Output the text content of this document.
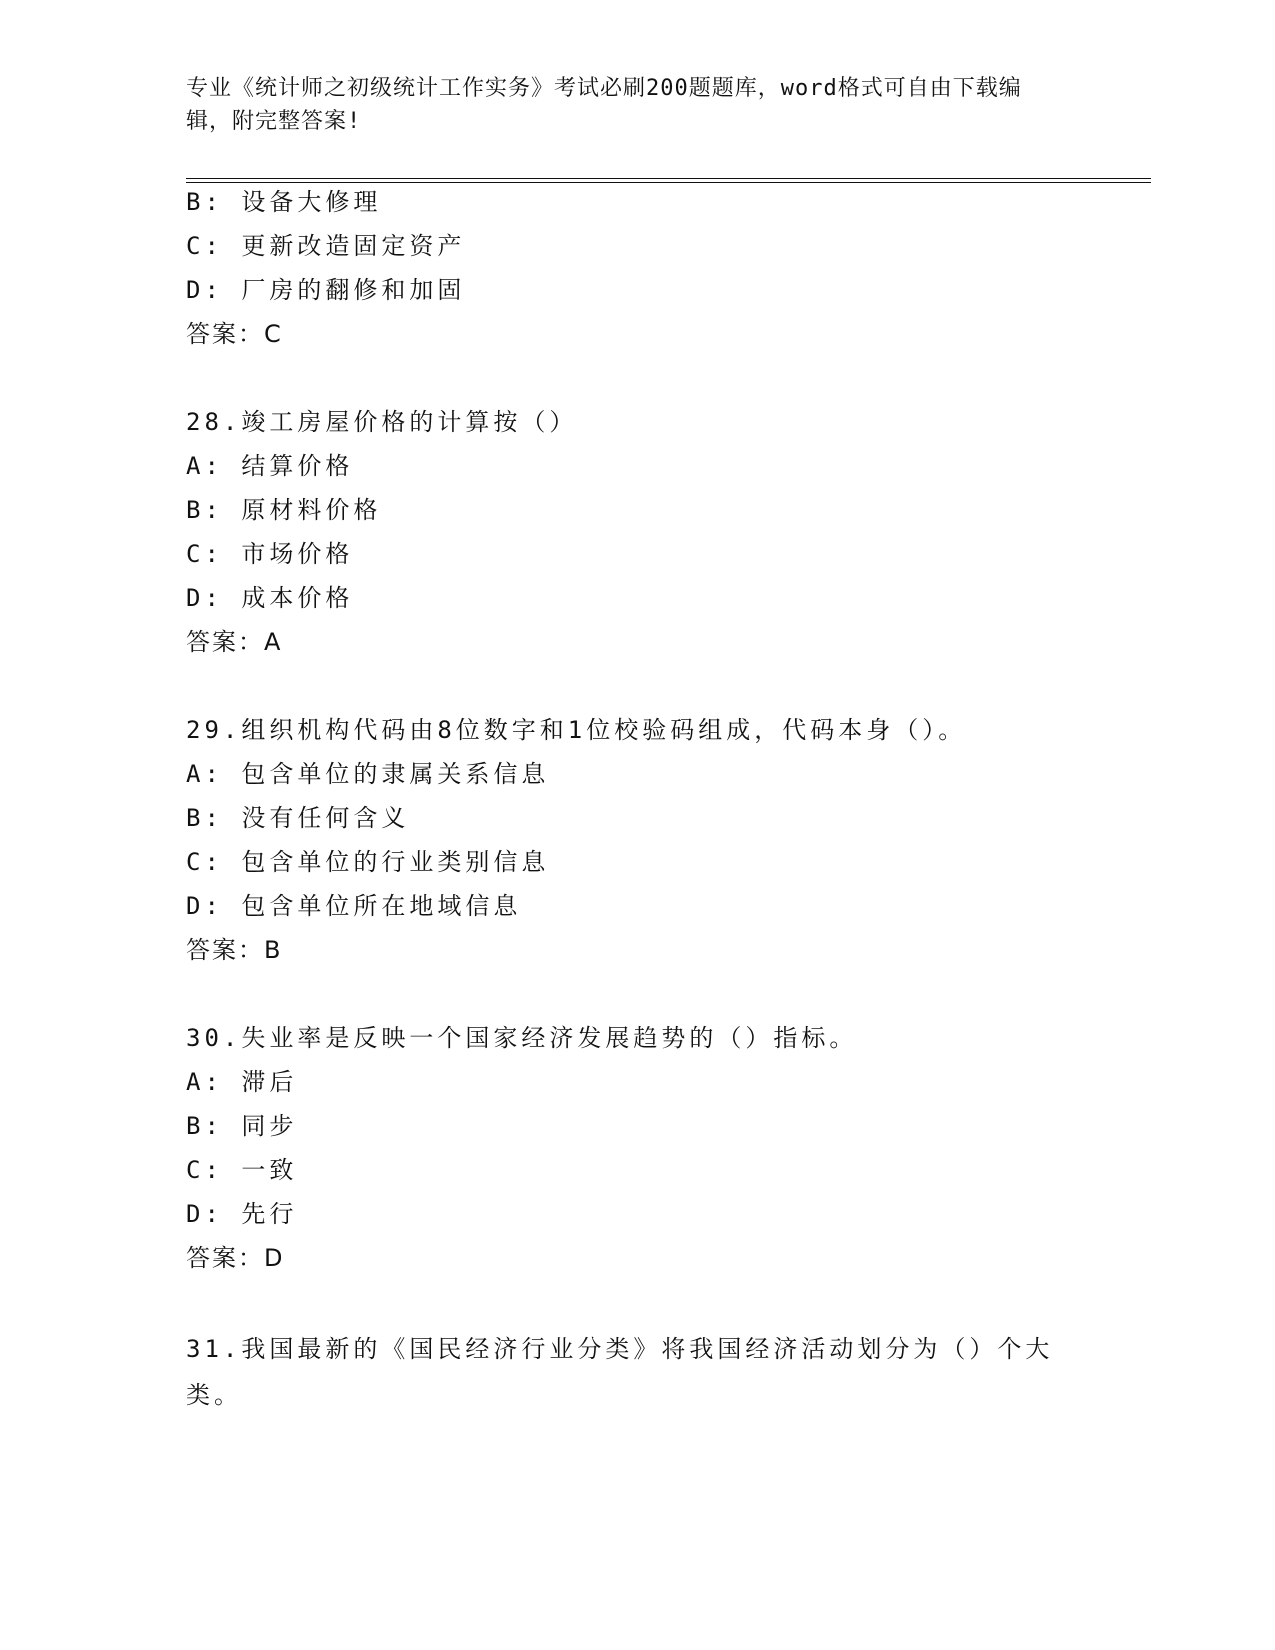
专业《统计师之初级统计工作实务》考试必刷200题题库，word格式可自由下载编辑，附完整答案!
B: 设备大修理
C: 更新改造固定资产
D: 厂房的翻修和加固
答案：C
28.竣工房屋价格的计算按（）
A: 结算价格
B: 原材料价格
C: 市场价格
D: 成本价格
答案：A
29.组织机构代码由8位数字和1位校验码组成，代码本身（）。
A: 包含单位的隶属关系信息
B: 没有任何含义
C: 包含单位的行业类别信息
D: 包含单位所在地域信息
答案：B
30.失业率是反映一个国家经济发展趋势的（）指标。
A: 滞后
B: 同步
C: 一致
D: 先行
答案：D
31.我国最新的《国民经济行业分类》将我国经济活动划分为（）个大类。
